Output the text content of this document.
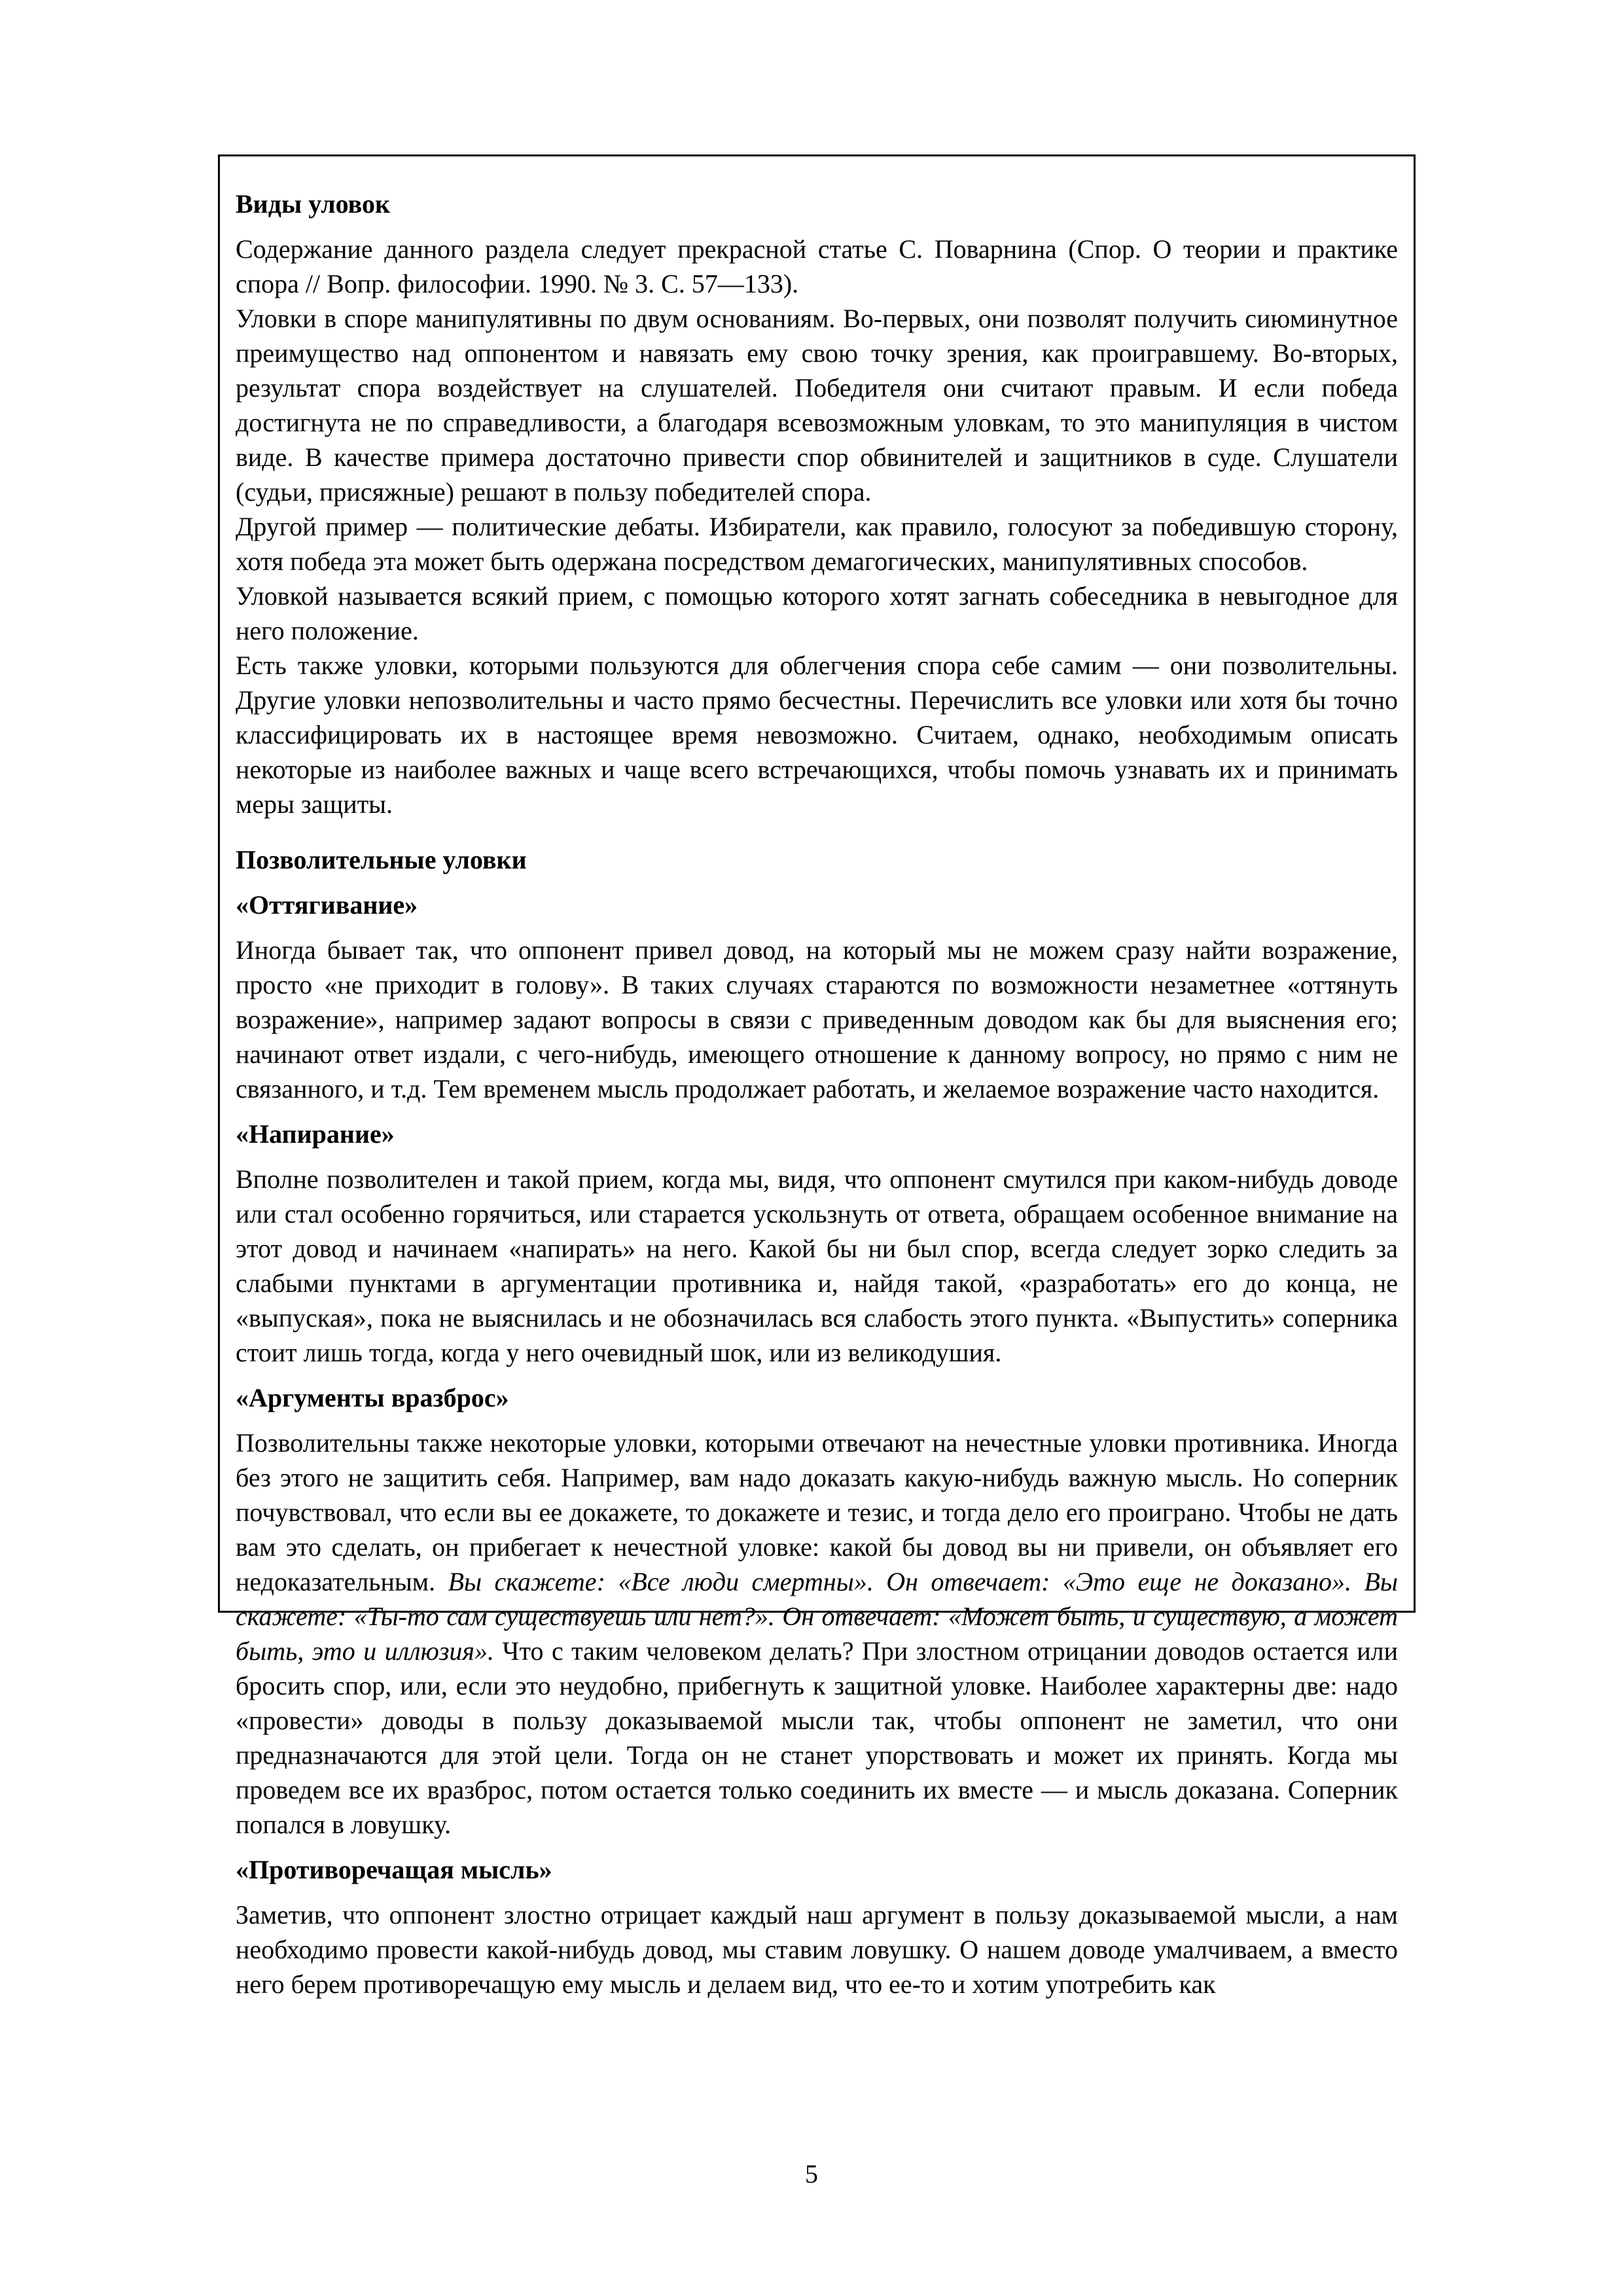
Виды уловок

Содержание данного раздела следует прекрасной статье С. Поварнина (Спор. О теории и практике спора // Вопр. философии. 1990. № 3. С. 57—133).

Уловки в споре манипулятивны по двум основаниям. Во-первых, они позволят получить сиюминутное преимущество над оппонентом и навязать ему свою точку зрения, как проигравшему. Во-вторых, результат спора воздействует на слушателей. Победителя они считают правым. И если победа достигнута не по справедливости, а благодаря всевозможным уловкам, то это манипуляция в чистом виде. В качестве примера достаточно привести спор обвинителей и защитников в суде. Слушатели (судьи, присяжные) решают в пользу победителей спора.

Другой пример — политические дебаты. Избиратели, как правило, голосуют за победившую сторону, хотя победа эта может быть одержана посредством демагогических, манипулятивных способов.

Уловкой называется всякий прием, с помощью которого хотят загнать собеседника в невыгодное для него положение.

Есть также уловки, которыми пользуются для облегчения спора себе самим — они позволительны. Другие уловки непозволительны и часто прямо бесчестны. Перечислить все уловки или хотя бы точно классифицировать их в настоящее время невозможно. Считаем, однако, необходимым описать некоторые из наиболее важных и чаще всего встречающихся, чтобы помочь узнавать их и принимать меры защиты.

Позволительные уловки

«Оттягивание»

Иногда бывает так, что оппонент привел довод, на который мы не можем сразу найти возражение, просто «не приходит в голову». В таких случаях стараются по возможности незаметнее «оттянуть возражение», например задают вопросы в связи с приведенным доводом как бы для выяснения его; начинают ответ издали, с чего-нибудь, имеющего отношение к данному вопросу, но прямо с ним не связанного, и т.д. Тем временем мысль продолжает работать, и желаемое возражение часто находится.

«Напирание»

Вполне позволителен и такой прием, когда мы, видя, что оппонент смутился при каком-нибудь доводе или стал особенно горячиться, или старается ускользнуть от ответа, обращаем особенное внимание на этот довод и начинаем «напирать» на него. Какой бы ни был спор, всегда следует зорко следить за слабыми пунктами в аргументации противника и, найдя такой, «разработать» его до конца, не «выпуская», пока не выяснилась и не обозначилась вся слабость этого пункта. «Выпустить» соперника стоит лишь тогда, когда у него очевидный шок, или из великодушия.

«Аргументы вразброс»

Позволительны также некоторые уловки, которыми отвечают на нечестные уловки противника. Иногда без этого не защитить себя. Например, вам надо доказать какую-нибудь важную мысль. Но соперник почувствовал, что если вы ее докажете, то докажете и тезис, и тогда дело его проиграно. Чтобы не дать вам это сделать, он прибегает к нечестной уловке: какой бы довод вы ни привели, он объявляет его недоказательным. Вы скажете: «Все люди смертны». Он отвечает: «Это еще не доказано». Вы скажете: «Ты-то сам существуешь или нет?». Он отвечает: «Может быть, и существую, а может быть, это и иллюзия». Что с таким человеком делать? При злостном отрицании доводов остается или бросить спор, или, если это неудобно, прибегнуть к защитной уловке. Наиболее характерны две: надо «провести» доводы в пользу доказываемой мысли так, чтобы оппонент не заметил, что они предназначаются для этой цели. Тогда он не станет упорствовать и может их принять. Когда мы проведем все их вразброс, потом остается только соединить их вместе — и мысль доказана. Соперник попался в ловушку.

«Противоречащая мысль»

Заметив, что оппонент злостно отрицает каждый наш аргумент в пользу доказываемой мысли, а нам необходимо провести какой-нибудь довод, мы ставим ловушку. О нашем доводе умалчиваем, а вместо него берем противоречащую ему мысль и делаем вид, что ее-то и хотим употребить как

5
